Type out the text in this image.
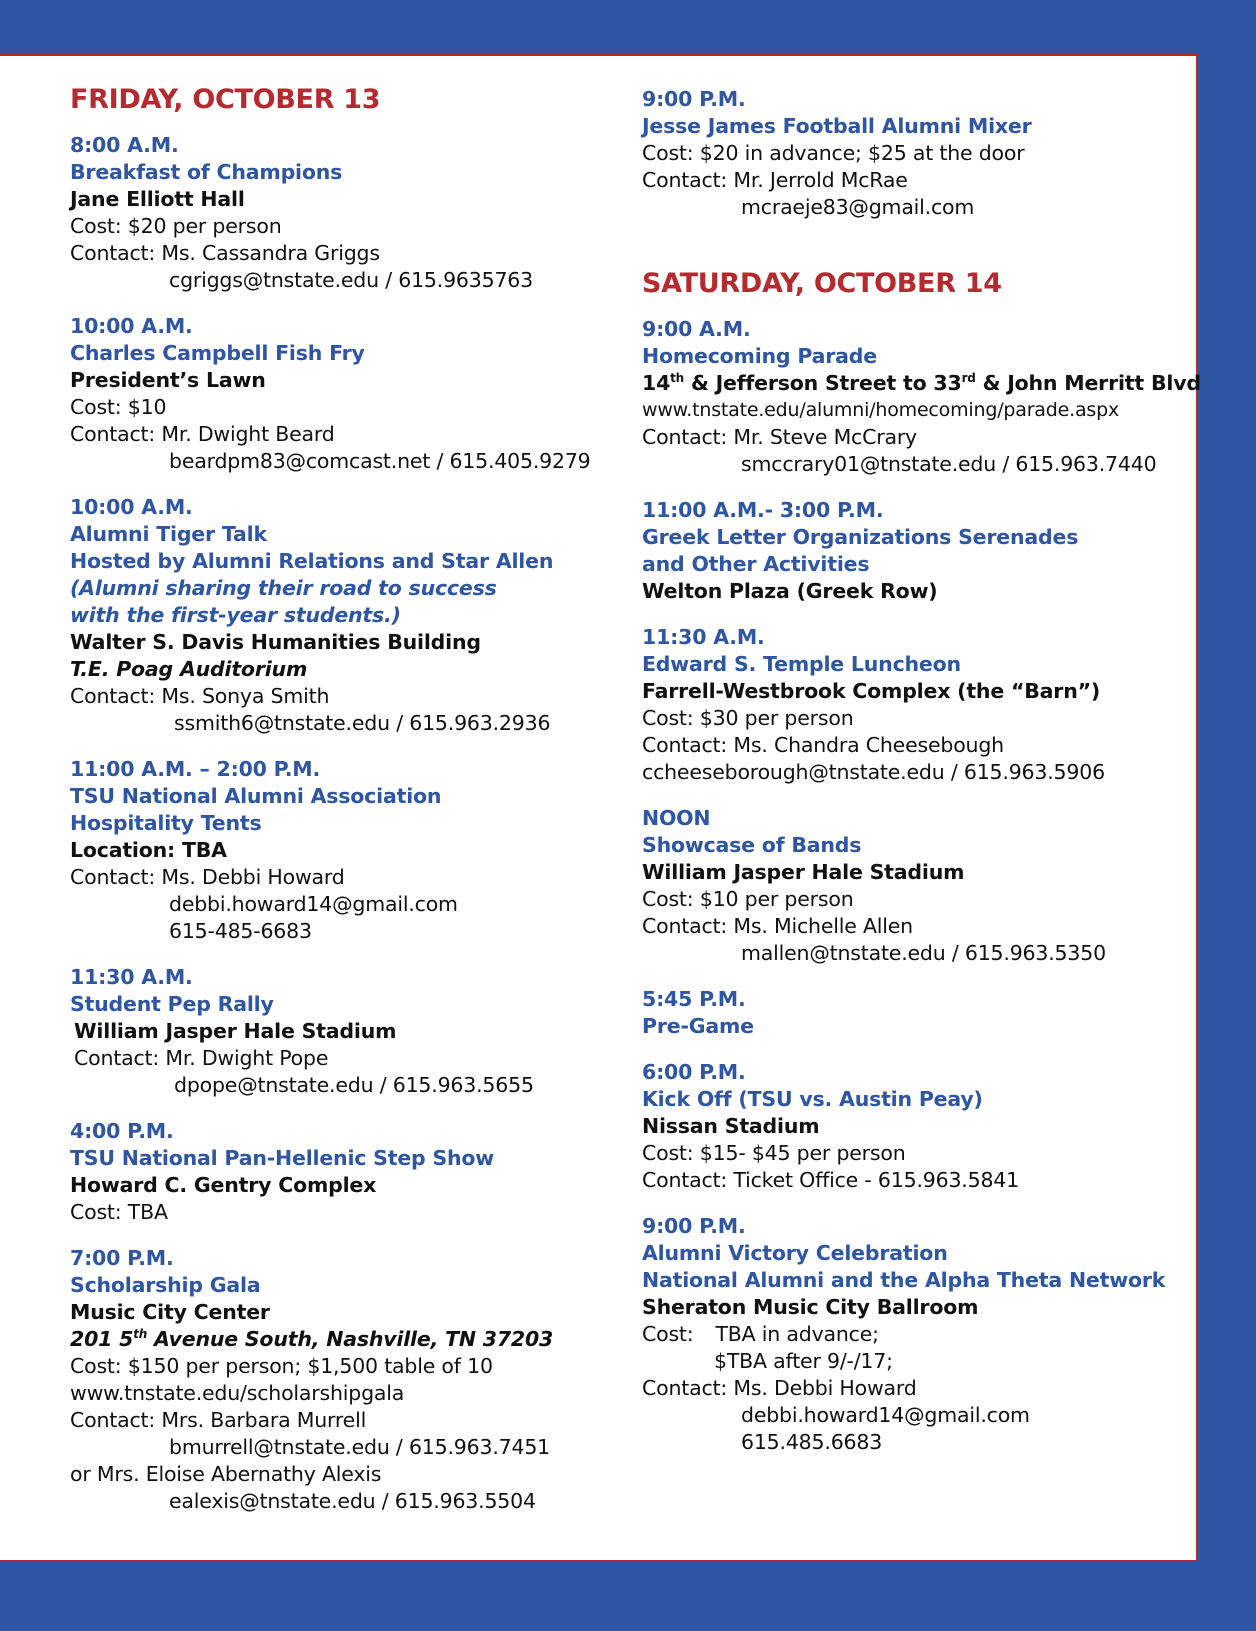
FRIDAY, OCTOBER 13
8:00 A.M.
Breakfast of Champions
Jane Elliott Hall
Cost: $20 per person
Contact: Ms. Cassandra Griggs
cgriggs@tnstate.edu / 615.9635763
10:00 A.M.
Charles Campbell Fish Fry
President’s Lawn
Cost: $10
Contact: Mr. Dwight Beard
beardpm83@comcast.net / 615.405.9279
10:00 A.M.
Alumni Tiger Talk
Hosted by Alumni Relations and Star Allen
(Alumni sharing their road to success
with the first-year students.)
Walter S. Davis Humanities Building
T.E. Poag Auditorium
Contact: Ms. Sonya Smith
ssmith6@tnstate.edu / 615.963.2936
11:00 A.M. – 2:00 P.M.
TSU National Alumni Association
Hospitality Tents
Location: TBA
Contact: Ms. Debbi Howard
debbi.howard14@gmail.com
615-485-6683
11:30 A.M.
Student Pep Rally
William Jasper Hale Stadium
Contact: Mr. Dwight Pope
dpope@tnstate.edu / 615.963.5655
4:00 P.M.
TSU National Pan-Hellenic Step Show
Howard C. Gentry Complex
Cost: TBA
7:00 P.M.
Scholarship Gala
Music City Center
201 5th Avenue South, Nashville, TN 37203
Cost: $150 per person; $1,500 table of 10
www.tnstate.edu/scholarshipgala
Contact: Mrs. Barbara Murrell
bmurrell@tnstate.edu / 615.963.7451
or Mrs. Eloise Abernathy Alexis
ealexis@tnstate.edu / 615.963.5504
9:00 P.M.
Jesse James Football Alumni Mixer
Cost: $20 in advance; $25 at the door
Contact: Mr. Jerrold McRae
mcraeje83@gmail.com
SATURDAY, OCTOBER 14
9:00 A.M.
Homecoming Parade
14th & Jefferson Street to 33rd & John Merritt Blvd
www.tnstate.edu/alumni/homecoming/parade.aspx
Contact: Mr. Steve McCrary
smccrary01@tnstate.edu / 615.963.7440
11:00 A.M.- 3:00 P.M.
Greek Letter Organizations Serenades
and Other Activities
Welton Plaza (Greek Row)
11:30 A.M.
Edward S. Temple Luncheon
Farrell-Westbrook Complex (the “Barn”)
Cost: $30 per person
Contact: Ms. Chandra Cheesebough
ccheeseborough@tnstate.edu / 615.963.5906
NOON
Showcase of Bands
William Jasper Hale Stadium
Cost: $10 per person
Contact: Ms. Michelle Allen
mallen@tnstate.edu / 615.963.5350
5:45 P.M.
Pre-Game
6:00 P.M.
Kick Off (TSU vs. Austin Peay)
Nissan Stadium
Cost: $15- $45 per person
Contact: Ticket Office - 615.963.5841
9:00 P.M.
Alumni Victory Celebration
National Alumni and the Alpha Theta Network
Sheraton Music City Ballroom
Cost: TBA in advance;
$TBA after 9/-/17;
Contact: Ms. Debbi Howard
debbi.howard14@gmail.com
615.485.6683
